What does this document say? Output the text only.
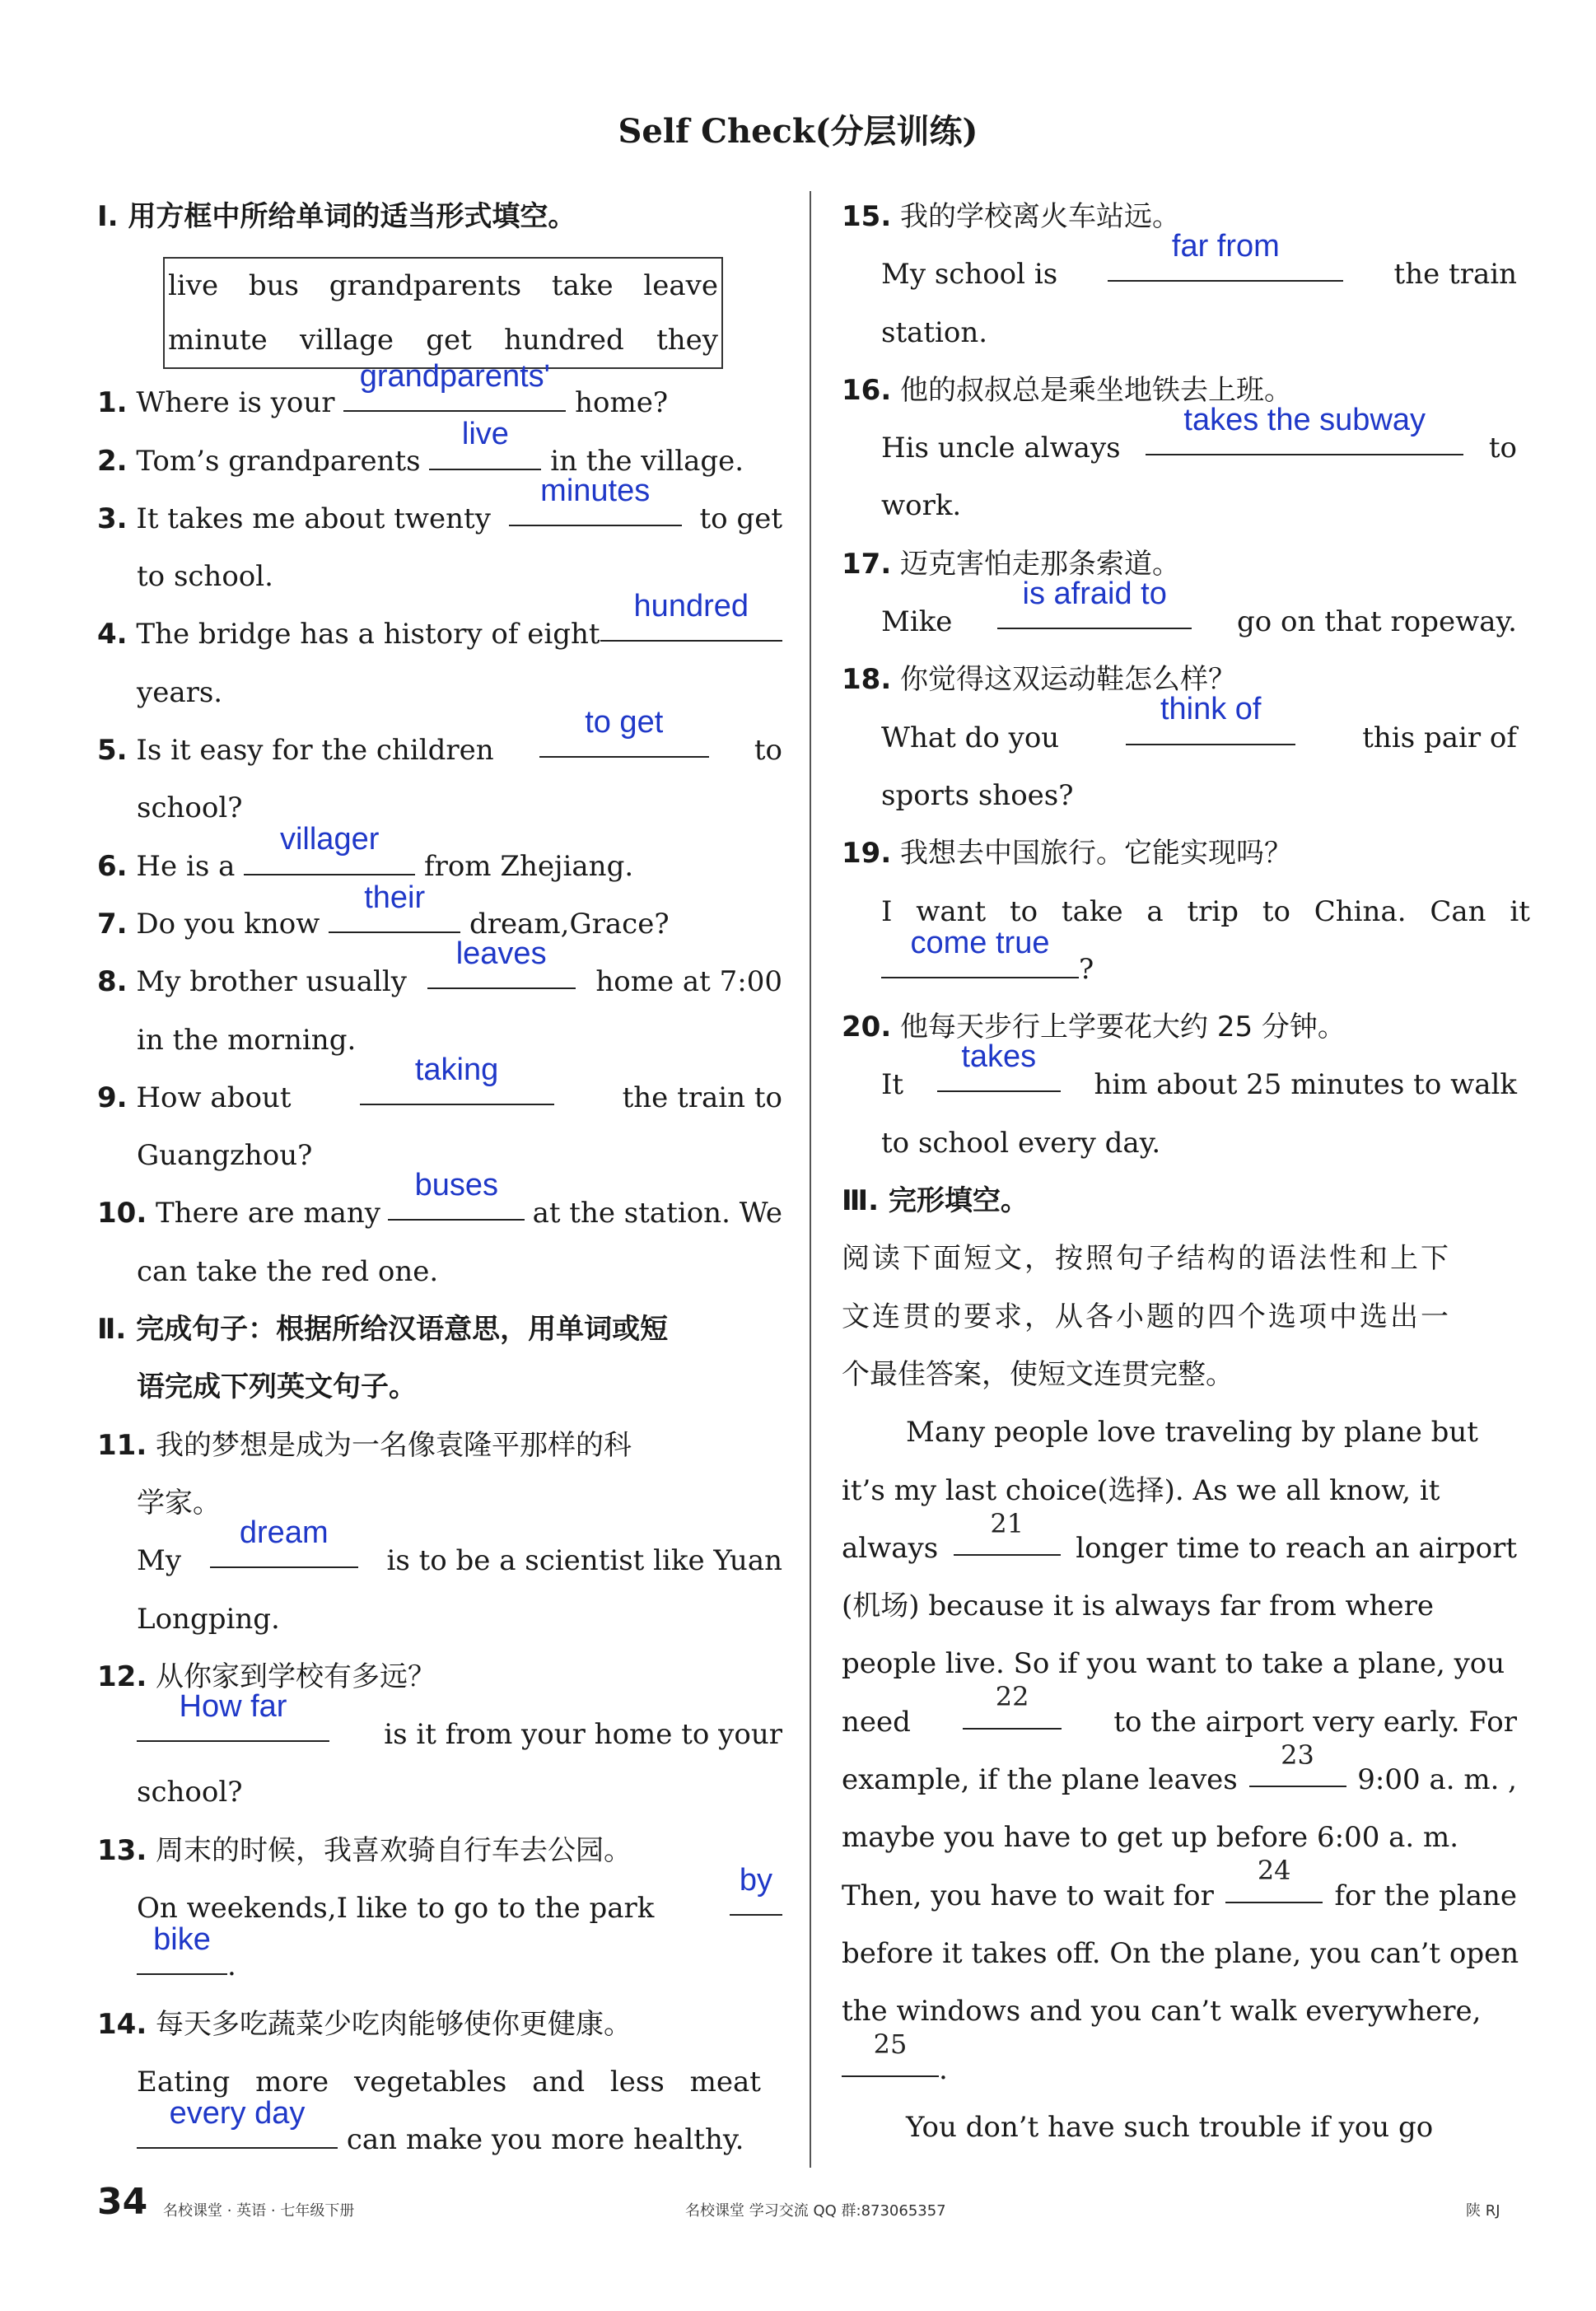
Self Check(分层训练)
Ⅰ. 用方框中所给单词的适当形式填空。
live bus grandparents take leave
minute village get hundred they
1. Where is your
grandparents'
home?
2. Tom’s grandparents
live
in the village.
3. It takes me about twenty
minutes
to get
to school.
4. The bridge has a history of eight
hundred
years.
5. Is it easy for the children
to get
to
school?
6. He is a
villager
from Zhejiang.
7. Do you know
their
dream,Grace?
8. My brother usually
leaves
home at 7:00
in the morning.
9. How about
taking
the train to
Guangzhou?
10. There are many
buses
at the station. We
can take the red one.
Ⅱ. 完成句子：根据所给汉语意思，用单词或短
语完成下列英文句子。
11. 我的梦想是成为一名像袁隆平那样的科
学家。
My
dream
is to be a scientist like Yuan
Longping.
12. 从你家到学校有多远？
How far
is it from your home to your
school?
13. 周末的时候，我喜欢骑自行车去公园。
On weekends,I like to go to the park
by
bike
.
14. 每天多吃蔬菜少吃肉能够使你更健康。
Eating more vegetables and less meat
every day
can make you more healthy.
15. 我的学校离火车站远。
My school is
far from
the train
station.
16. 他的叔叔总是乘坐地铁去上班。
His uncle always
takes the subway
to
work.
17. 迈克害怕走那条索道。
Mike
is afraid to
go on that ropeway.
18. 你觉得这双运动鞋怎么样？
What do you
think of
this pair of
sports shoes?
19. 我想去中国旅行。它能实现吗？
I want to take a trip to China. Can it
come true
?
20. 他每天步行上学要花大约 25 分钟。
It
takes
him about 25 minutes to walk
to school every day.
Ⅲ. 完形填空。
阅读下面短文，按照句子结构的语法性和上下
文连贯的要求，从各小题的四个选项中选出一
个最佳答案，使短文连贯完整。
Many people love traveling by plane but
it’s my last choice(选择). As we all know, it
always
21
longer time to reach an airport
(机场) because it is always far from where
people live. So if you want to take a plane, you
need
22
to the airport very early. For
example, if the plane leaves
23
9:00 a. m. ,
maybe you have to get up before 6:00 a. m.
Then, you have to wait for
24
for the plane
before it takes off. On the plane, you can’t open
the windows and you can’t walk everywhere,
25
.
You don’t have such trouble if you go
34 名校课堂 · 英语 · 七年级下册	名校课堂 学习交流 QQ 群:873065357	陕 RJ
